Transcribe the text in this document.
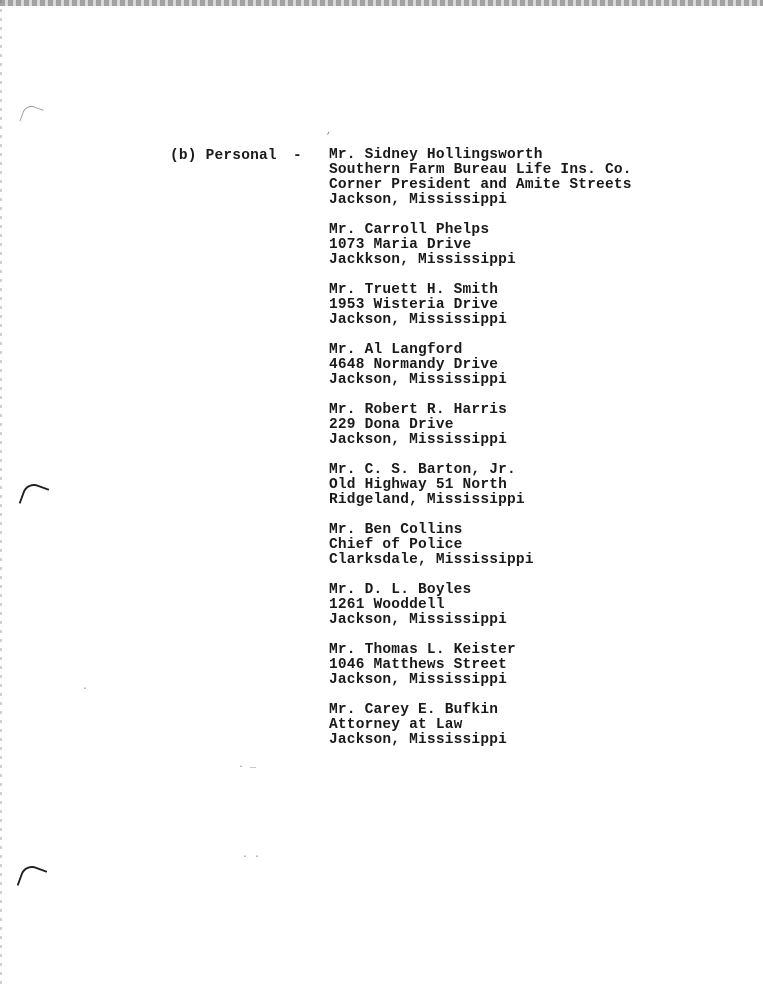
,
.
. _
. .
(b) Personal - Mr. Sidney Hollingsworth
Southern Farm Bureau Life Ins. Co.
Corner President and Amite Streets
Jackson, Mississippi
Mr. Carroll Phelps
1073 Maria Drive
Jackkson, Mississippi
Mr. Truett H. Smith
1953 Wisteria Drive
Jackson, Mississippi
Mr. Al Langford
4648 Normandy Drive
Jackson, Mississippi
Mr. Robert R. Harris
229 Dona Drive
Jackson, Mississippi
Mr. C. S. Barton, Jr.
Old Highway 51 North
Ridgeland, Mississippi
Mr. Ben Collins
Chief of Police
Clarksdale, Mississippi
Mr. D. L. Boyles
1261 Wooddell
Jackson, Mississippi
Mr. Thomas L. Keister
1046 Matthews Street
Jackson, Mississippi
Mr. Carey E. Bufkin
Attorney at Law
Jackson, Mississippi
